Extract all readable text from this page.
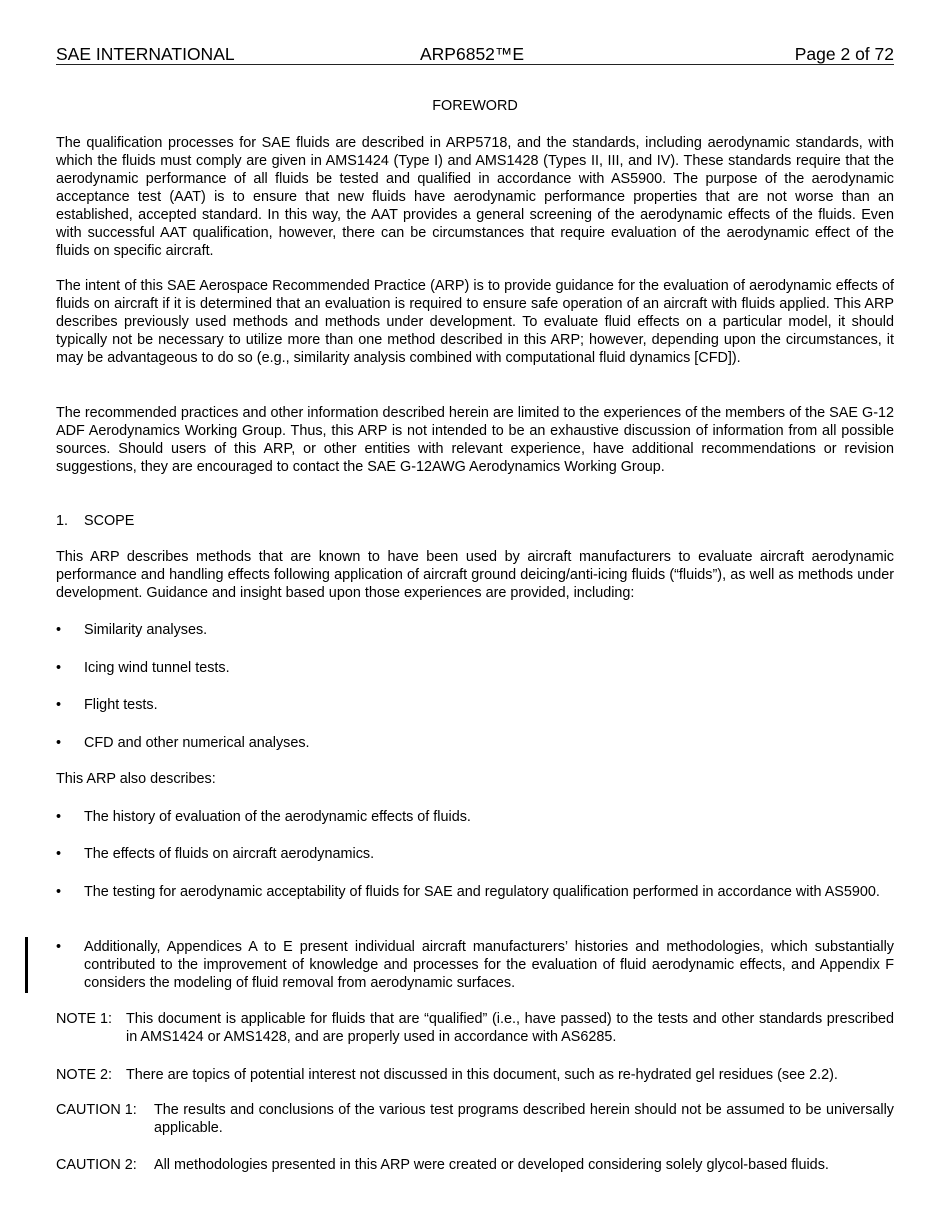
SAE INTERNATIONAL	ARP6852™E	Page 2 of 72
FOREWORD
The qualification processes for SAE fluids are described in ARP5718, and the standards, including aerodynamic standards, with which the fluids must comply are given in AMS1424 (Type I) and AMS1428 (Types II, III, and IV). These standards require that the aerodynamic performance of all fluids be tested and qualified in accordance with AS5900. The purpose of the aerodynamic acceptance test (AAT) is to ensure that new fluids have aerodynamic performance properties that are not worse than an established, accepted standard. In this way, the AAT provides a general screening of the aerodynamic effects of the fluids. Even with successful AAT qualification, however, there can be circumstances that require evaluation of the aerodynamic effect of the fluids on specific aircraft.
The intent of this SAE Aerospace Recommended Practice (ARP) is to provide guidance for the evaluation of aerodynamic effects of fluids on aircraft if it is determined that an evaluation is required to ensure safe operation of an aircraft with fluids applied. This ARP describes previously used methods and methods under development. To evaluate fluid effects on a particular model, it should typically not be necessary to utilize more than one method described in this ARP; however, depending upon the circumstances, it may be advantageous to do so (e.g., similarity analysis combined with computational fluid dynamics [CFD]).
The recommended practices and other information described herein are limited to the experiences of the members of the SAE G-12 ADF Aerodynamics Working Group. Thus, this ARP is not intended to be an exhaustive discussion of information from all possible sources. Should users of this ARP, or other entities with relevant experience, have additional recommendations or revision suggestions, they are encouraged to contact the SAE G-12AWG Aerodynamics Working Group.
1. SCOPE
This ARP describes methods that are known to have been used by aircraft manufacturers to evaluate aircraft aerodynamic performance and handling effects following application of aircraft ground deicing/anti-icing fluids (“fluids”), as well as methods under development. Guidance and insight based upon those experiences are provided, including:
•	Similarity analyses.
•	Icing wind tunnel tests.
•	Flight tests.
•	CFD and other numerical analyses.
This ARP also describes:
•	The history of evaluation of the aerodynamic effects of fluids.
•	The effects of fluids on aircraft aerodynamics.
•	The testing for aerodynamic acceptability of fluids for SAE and regulatory qualification performed in accordance with AS5900.
•	Additionally, Appendices A to E present individual aircraft manufacturers’ histories and methodologies, which substantially contributed to the improvement of knowledge and processes for the evaluation of fluid aerodynamic effects, and Appendix F considers the modeling of fluid removal from aerodynamic surfaces.
NOTE 1: This document is applicable for fluids that are “qualified” (i.e., have passed) to the tests and other standards prescribed in AMS1424 or AMS1428, and are properly used in accordance with AS6285.
NOTE 2: There are topics of potential interest not discussed in this document, such as re-hydrated gel residues (see 2.2).
CAUTION 1: The results and conclusions of the various test programs described herein should not be assumed to be universally applicable.
CAUTION 2: All methodologies presented in this ARP were created or developed considering solely glycol-based fluids.
